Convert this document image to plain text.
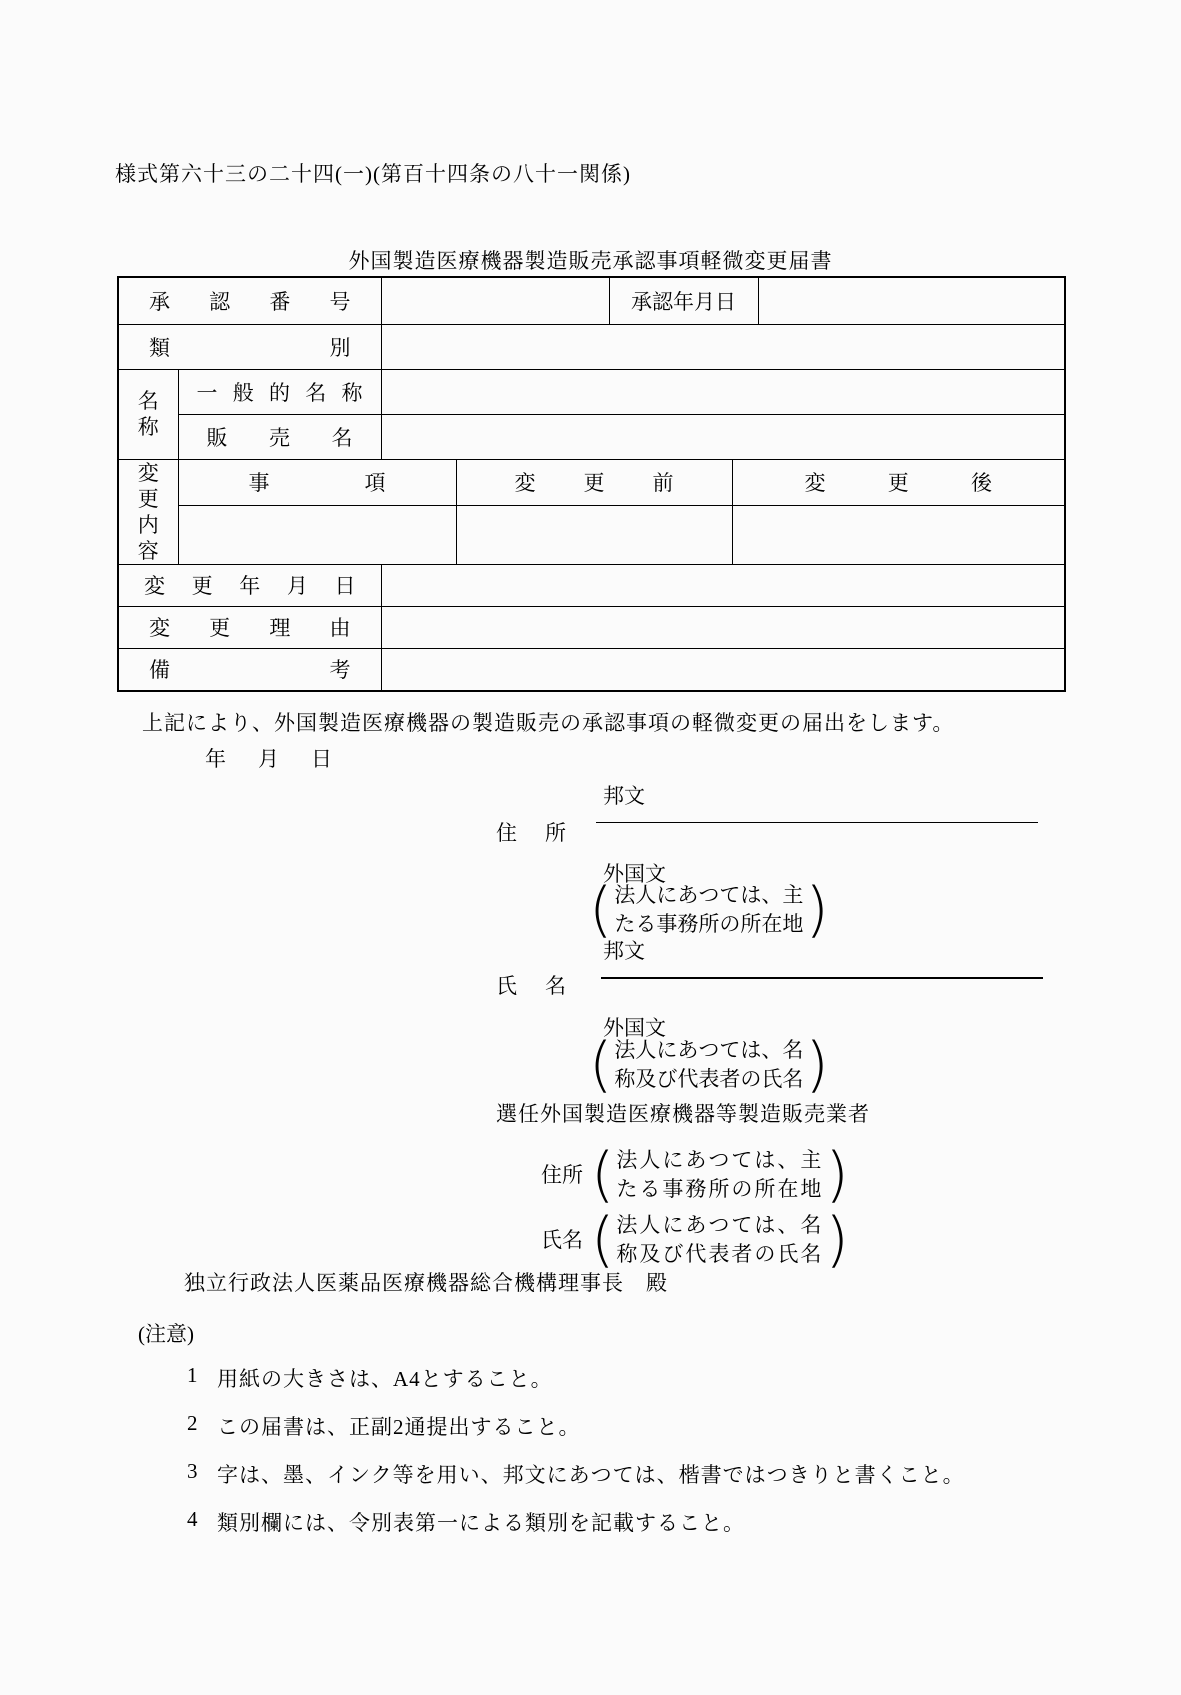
様式第六十三の二十四(一)(第百十四条の八十一関係)
外国製造医療機器製造販売承認事項軽微変更届書
承 認 番 号				承認年月日		

類 別						

名
称	一 般 的 名 称					

	販 売 名					

変
更
内
容	事 項		変 更 前		変 更 後	

変 更 年 月 日						

変 更 理 由						

備 考						

上記により、外国製造医療機器の製造販売の承認事項の軽微変更の届出をします。
年 月 日
邦文
住 所
外国文
( 法人にあつては、主
たる事務所の所在地 )
邦文
氏 名
外国文
( 法人にあつては、名
称及び代表者の氏名 )
選任外国製造医療機器等製造販売業者
住所 ( 法人にあつては、主
たる事務所の所在地 )
氏名 ( 法人にあつては、名
称及び代表者の氏名 )
独立行政法人医薬品医療機器総合機構理事長 殿
(注意)
1 用紙の大きさは、A4とすること。
2 この届書は、正副2通提出すること。
3 字は、墨、インク等を用い、邦文にあつては、楷書ではつきりと書くこと。
4 類別欄には、令別表第一による類別を記載すること。
